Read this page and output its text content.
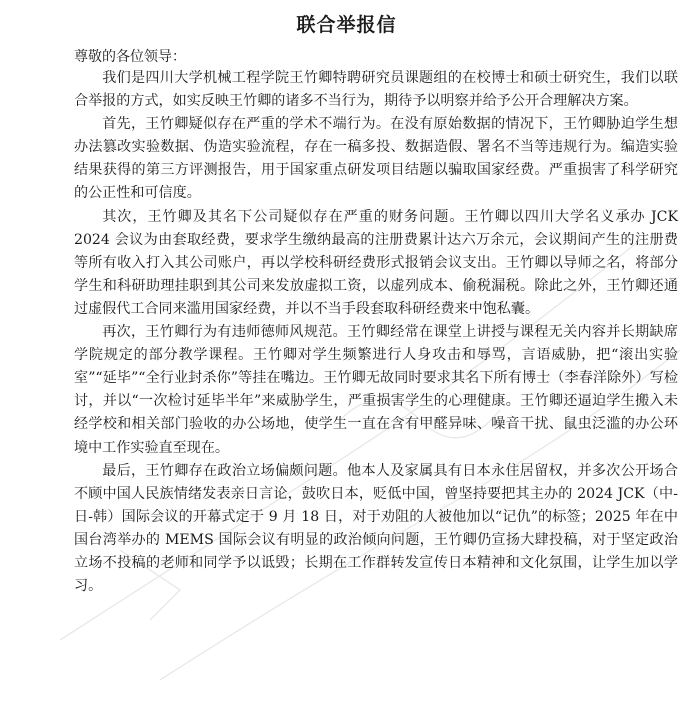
联合举报信

尊敬的各位领导：

我们是四川大学机械工程学院王竹卿特聘研究员课题组的在校博士和硕士研究生，我们以联合举报的方式，如实反映王竹卿的诸多不当行为，期待予以明察并给予公开合理解决方案。

首先，王竹卿疑似存在严重的学术不端行为。在没有原始数据的情况下，王竹卿胁迫学生想办法篡改实验数据、伪造实验流程，存在一稿多投、数据造假、署名不当等违规行为。编造实验结果获得的第三方评测报告，用于国家重点研发项目结题以骗取国家经费。严重损害了科学研究的公正性和可信度。

其次，王竹卿及其名下公司疑似存在严重的财务问题。王竹卿以四川大学名义承办 JCK 2024 会议为由套取经费，要求学生缴纳最高的注册费累计达六万余元，会议期间产生的注册费等所有收入打入其公司账户，再以学校科研经费形式报销会议支出。王竹卿以导师之名，将部分学生和科研助理挂职到其公司来发放虚拟工资，以虚列成本、偷税漏税。除此之外，王竹卿还通过虚假代工合同来滥用国家经费，并以不当手段套取科研经费来中饱私囊。

再次，王竹卿行为有违师德师风规范。王竹卿经常在课堂上讲授与课程无关内容并长期缺席学院规定的部分教学课程。王竹卿对学生频繁进行人身攻击和辱骂，言语威胁，把“滚出实验室”“延毕”“全行业封杀你”等挂在嘴边。王竹卿无故同时要求其名下所有博士（李春洋除外）写检讨，并以“一次检讨延毕半年”来威胁学生，严重损害学生的心理健康。王竹卿还逼迫学生搬入未经学校和相关部门验收的办公场地，使学生一直在含有甲醛异味、噪音干扰、鼠虫泛滥的办公环境中工作实验直至现在。

最后，王竹卿存在政治立场偏颇问题。他本人及家属具有日本永住居留权，并多次公开场合不顾中国人民族情绪发表亲日言论，鼓吹日本，贬低中国，曾坚持要把其主办的 2024 JCK（中-日-韩）国际会议的开幕式定于 9 月 18 日，对于劝阻的人被他加以“记仇”的标签；2025 年在中国台湾举办的 MEMS 国际会议有明显的政治倾向问题，王竹卿仍宣扬大肆投稿，对于坚定政治立场不投稿的老师和同学予以诋毁；长期在工作群转发宣传日本精神和文化氛围，让学生加以学习。
